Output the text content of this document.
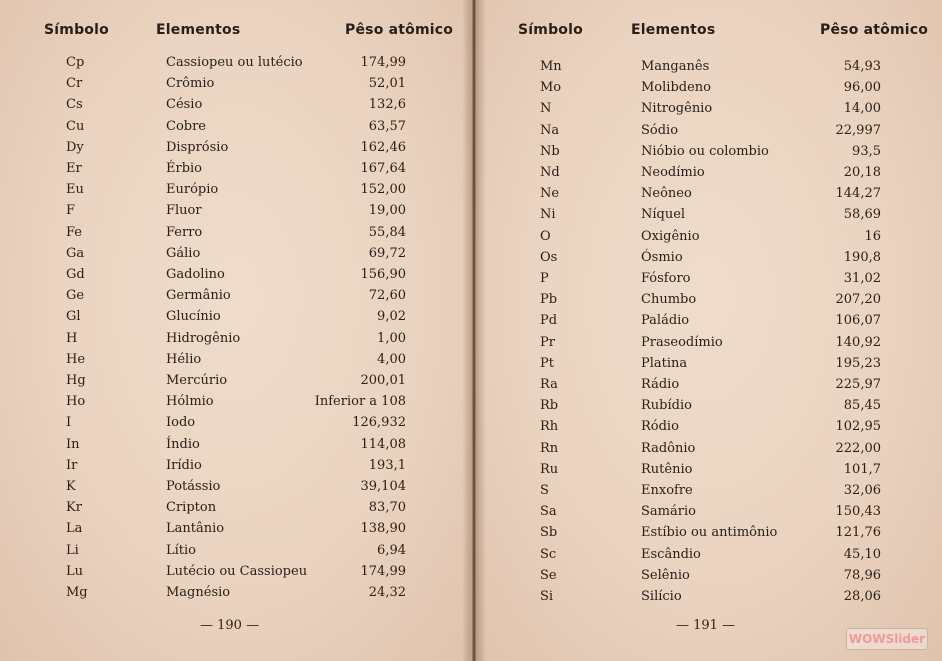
Símbolo	Elementos	Pêso atômico	Símbolo	Elementos	Pêso atômico
Cp	Cassiopeu ou lutécio	174,99
Cr	Crômio	52,01
Cs	Césio	132,6
Cu	Cobre	63,57
Dy	Disprósio	162,46
Er	Érbio	167,64
Eu	Európio	152,00
F	Fluor	19,00
Fe	Ferro	55,84
Ga	Gálio	69,72
Gd	Gadolino	156,90
Ge	Germânio	72,60
Gl	Glucínio	9,02
H	Hidrogênio	1,00
He	Hélio	4,00
Hg	Mercúrio	200,01
Ho	Hólmio	Inferior a 108
I	Iodo	126,932
In	Índio	114,08
Ir	Irídio	193,1
K	Potássio	39,104
Kr	Cripton	83,70
La	Lantânio	138,90
Li	Lítio	6,94
Lu	Lutécio ou Cassiopeu	174,99
Mg	Magnésio	24,32
Mn	Manganês	54,93
Mo	Molibdeno	96,00
N	Nitrogênio	14,00
Na	Sódio	22,997
Nb	Nióbio ou colombio	93,5
Nd	Neodímio	20,18
Ne	Neôneo	144,27
Ni	Níquel	58,69
O	Oxigênio	16
Os	Ósmio	190,8
P	Fósforo	31,02
Pb	Chumbo	207,20
Pd	Paládio	106,07
Pr	Praseodímio	140,92
Pt	Platina	195,23
Ra	Rádio	225,97
Rb	Rubídio	85,45
Rh	Ródio	102,95
Rn	Radônio	222,00
Ru	Rutênio	101,7
S	Enxofre	32,06
Sa	Samário	150,43
Sb	Estíbio ou antimônio	121,76
Sc	Escândio	45,10
Se	Selênio	78,96
Si	Silício	28,06
— 190 —	— 191 —
WOWSlider
